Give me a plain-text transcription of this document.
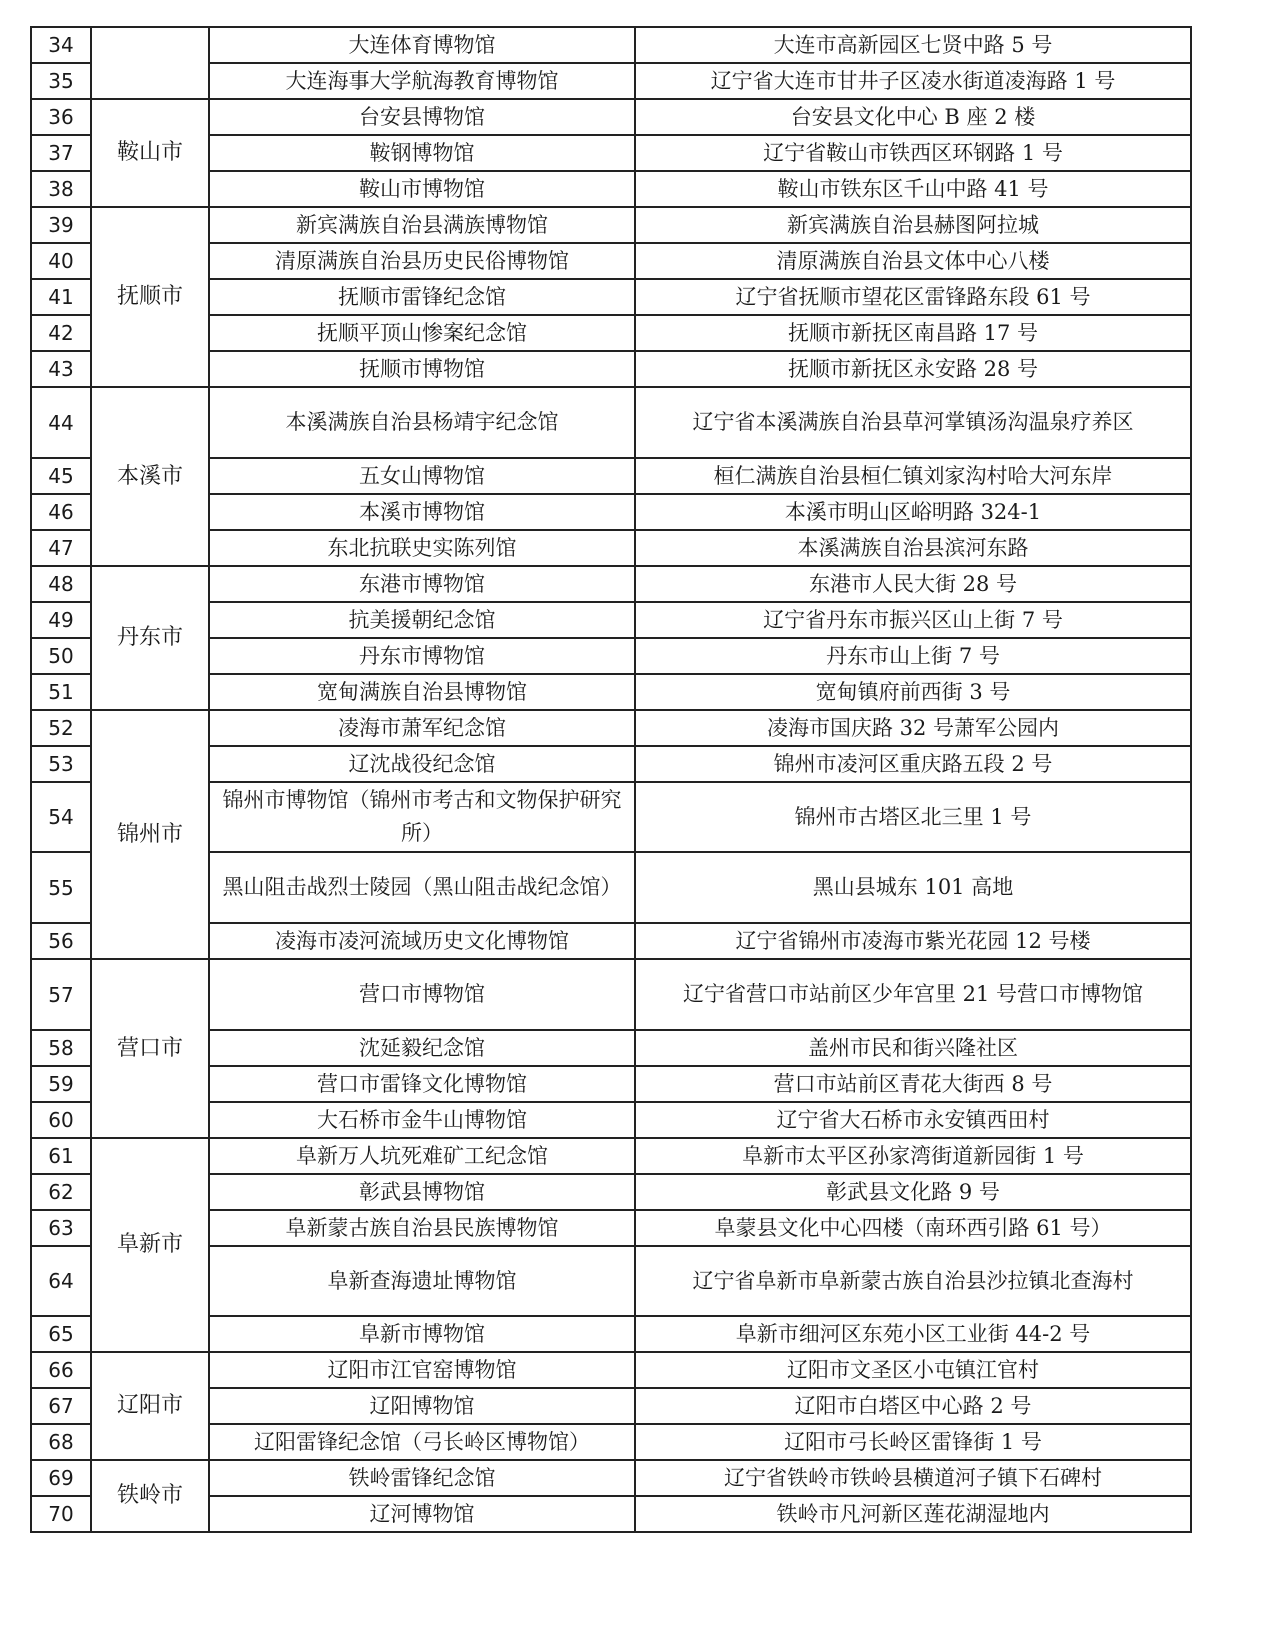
34		大连体育博物馆	大连市高新园区七贤中路 5 号
35		大连海事大学航海教育博物馆	辽宁省大连市甘井子区凌水街道凌海路 1 号
36	鞍山市	台安县博物馆	台安县文化中心 B 座 2 楼
37		鞍钢博物馆	辽宁省鞍山市铁西区环钢路 1 号
38		鞍山市博物馆	鞍山市铁东区千山中路 41 号
39	抚顺市	新宾满族自治县满族博物馆	新宾满族自治县赫图阿拉城
40		清原满族自治县历史民俗博物馆	清原满族自治县文体中心八楼
41		抚顺市雷锋纪念馆	辽宁省抚顺市望花区雷锋路东段 61 号
42		抚顺平顶山惨案纪念馆	抚顺市新抚区南昌路 17 号
43		抚顺市博物馆	抚顺市新抚区永安路 28 号
44	本溪市	本溪满族自治县杨靖宇纪念馆	辽宁省本溪满族自治县草河掌镇汤沟温泉疗养区
45		五女山博物馆	桓仁满族自治县桓仁镇刘家沟村哈大河东岸
46		本溪市博物馆	本溪市明山区峪明路 324-1
47		东北抗联史实陈列馆	本溪满族自治县滨河东路
48	丹东市	东港市博物馆	东港市人民大街 28 号
49		抗美援朝纪念馆	辽宁省丹东市振兴区山上街 7 号
50		丹东市博物馆	丹东市山上街 7 号
51		宽甸满族自治县博物馆	宽甸镇府前西街 3 号
52	锦州市	凌海市萧军纪念馆	凌海市国庆路 32 号萧军公园内
53		辽沈战役纪念馆	锦州市凌河区重庆路五段 2 号
54		锦州市博物馆（锦州市考古和文物保护研究所）	锦州市古塔区北三里 1 号
55		黑山阻击战烈士陵园（黑山阻击战纪念馆）	黑山县城东 101 高地
56		凌海市凌河流域历史文化博物馆	辽宁省锦州市凌海市紫光花园 12 号楼
57	营口市	营口市博物馆	辽宁省营口市站前区少年宫里 21 号营口市博物馆
58		沈延毅纪念馆	盖州市民和街兴隆社区
59		营口市雷锋文化博物馆	营口市站前区青花大街西 8 号
60		大石桥市金牛山博物馆	辽宁省大石桥市永安镇西田村
61	阜新市	阜新万人坑死难矿工纪念馆	阜新市太平区孙家湾街道新园街 1 号
62		彰武县博物馆	彰武县文化路 9 号
63		阜新蒙古族自治县民族博物馆	阜蒙县文化中心四楼（南环西引路 61 号）
64		阜新查海遗址博物馆	辽宁省阜新市阜新蒙古族自治县沙拉镇北查海村
65		阜新市博物馆	阜新市细河区东苑小区工业街 44-2 号
66	辽阳市	辽阳市江官窑博物馆	辽阳市文圣区小屯镇江官村
67		辽阳博物馆	辽阳市白塔区中心路 2 号
68		辽阳雷锋纪念馆（弓长岭区博物馆）	辽阳市弓长岭区雷锋街 1 号
69	铁岭市	铁岭雷锋纪念馆	辽宁省铁岭市铁岭县横道河子镇下石碑村
70		辽河博物馆	铁岭市凡河新区莲花湖湿地内
